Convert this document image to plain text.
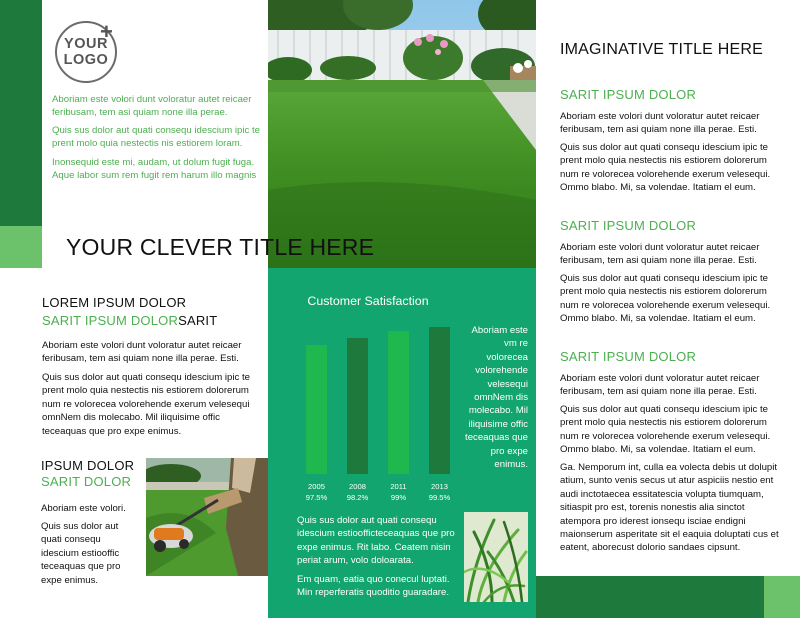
YOUR
LOGO
+

Aboriam este volori dunt voloratur autet reicaer feribusam, tem asi quiam none illa perae.

Quis sus dolor aut quati consequ idescium ipic te prent molo quia nestectis nis estiorem loram.

Inonsequid este mi, audam, ut dolum fugit fuga. Aque labor sum rem fugit rem harum illo magnis

YOUR CLEVER TITLE HERE
LOREM IPSUM DOLOR
SARIT IPSUM DOLORSARIT

Aboriam este volori dunt voloratur autet reicaer feribusam, tem asi quiam none illa perae. Esti.

Quis sus dolor aut quati consequ idescium ipic te prent molo quia nestectis nis estiorem dolorerum num re volorecea volorehende exerum velesequi omnNem dis molecabo. Mil iliquisime offic teceaquas que pro expe enimus.

IPSUM DOLOR
SARIT DOLOR

Aboriam este volori.

Quis sus dolor aut quati consequ idescium estiooffic teceaquas que pro expe enimus.

Customer Satisfaction
2005
97.5%
2008
98.2%
2011
99%
2013
99.5%

Aboriam este vm re volorecea volorehende velesequi omnNem dis molecabo. Mil iliquisime offic teceaquas que pro expe enimus.

Quis sus dolor aut quati consequ idescium estioofficteceaquas que pro expe enimus. Rit labo. Ceatem nisin periat arum, volo doloarata.

Em quam, eatia quo conecul luptati. Min reperferatis quoditio guaradare.

IMAGINATIVE TITLE HERE
SARIT IPSUM DOLOR

Aboriam este volori dunt voloratur autet reicaer feribusam, tem asi quiam none illa perae. Esti.

Quis sus dolor aut quati consequ idescium ipic te prent molo quia nestectis nis estiorem dolorerum num re volorecea volorehende exerum velesequi. Ommo blabo. Mi, sa volendae. Itatiam el eum.

SARIT IPSUM DOLOR

Aboriam este volori dunt voloratur autet reicaer feribusam, tem asi quiam none illa perae. Esti.

Quis sus dolor aut quati consequ idescium ipic te prent molo quia nestectis nis estiorem dolorerum num re volorecea volorehende exerum velesequi. Ommo blabo. Mi, sa volendae. Itatiam el eum.

SARIT IPSUM DOLOR

Aboriam este volori dunt voloratur autet reicaer feribusam, tem asi quiam none illa perae. Esti.

Quis sus dolor aut quati consequ idescium ipic te prent molo quia nestectis nis estiorem dolorerum num re volorecea volorehende exerum velesequi. Ommo blabo. Mi, sa volendae. Itatiam el eum.

Ga. Nemporum int, culla ea volecta debis ut dolupit atium, sunto venis secus ut atur aspiciis nestio ent audi inctotaecea essitatescia volupta tiumquam, sitiaspit pro est, torenis nonestis alia sinctot atempora pro iderest ionsequ isciae endigni maionserum asperitate sit el eaquia doluptati cus et eatent, aborecust dolorio sandaes cipsunt.
